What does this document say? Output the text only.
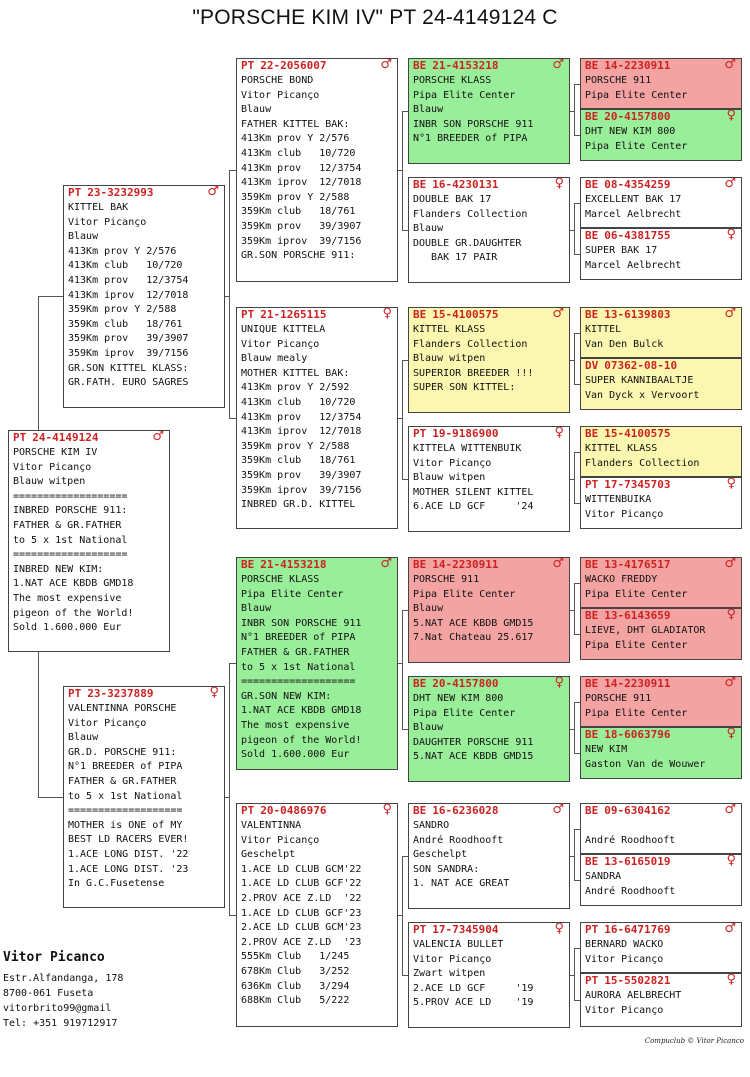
"PORSCHE KIM IV" PT 24-4149124 C
PT 24-4149124	♂
PORSCHE KIM IV
Vitor Picanço
Blauw witpen
===================
INBRED PORSCHE 911:
FATHER & GR.FATHER
to 5 x 1st National
===================
INBRED NEW KIM:
1.NAT ACE KBDB GMD18
The most expensive
pigeon of the World!
Sold 1.600.000 Eur
PT 23-3232993	♂
KITTEL BAK
Vitor Picanço
Blauw
413Km prov Y 2/576
413Km club   10/720
413Km prov   12/3754
413Km iprov  12/7018
359Km prov Y 2/588
359Km club   18/761
359Km prov   39/3907
359Km iprov  39/7156
GR.SON KITTEL KLASS:
GR.FATH. EURO SAGRES
PT 23-3237889	♀
VALENTINNA PORSCHE
Vitor Picanço
Blauw
GR.D. PORSCHE 911:
N°1 BREEDER of PIPA
FATHER & GR.FATHER
to 5 x 1st National
===================
MOTHER is ONE of MY
BEST LD RACERS EVER!
1.ACE LONG DIST. '22
1.ACE LONG DIST. '23
In G.C.Fusetense
PT 22-2056007	♂
PORSCHE BOND
Vitor Picanço
Blauw
FATHER KITTEL BAK:
413Km prov Y 2/576
413Km club   10/720
413Km prov   12/3754
413Km iprov  12/7018
359Km prov Y 2/588
359Km club   18/761
359Km prov   39/3907
359Km iprov  39/7156
GR.SON PORSCHE 911:
PT 21-1265115	♀
UNIQUE KITTELA
Vitor Picanço
Blauw mealy
MOTHER KITTEL BAK:
413Km prov Y 2/592
413Km club   10/720
413Km prov   12/3754
413Km iprov  12/7018
359Km prov Y 2/588
359Km club   18/761
359Km prov   39/3907
359Km iprov  39/7156
INBRED GR.D. KITTEL
BE 21-4153218	♂
PORSCHE KLASS
Pipa Elite Center
Blauw
INBR SON PORSCHE 911
N°1 BREEDER of PIPA
FATHER & GR.FATHER
to 5 x 1st National
===================
GR.SON NEW KIM:
1.NAT ACE KBDB GMD18
The most expensive
pigeon of the World!
Sold 1.600.000 Eur
PT 20-0486976	♀
VALENTINNA
Vitor Picanço
Geschelpt
1.ACE LD CLUB GCM'22
1.ACE LD CLUB GCF'22
2.PROV ACE Z.LD  '22
1.ACE LD CLUB GCF'23
2.ACE LD CLUB GCM'23
2.PROV ACE Z.LD  '23
555Km Club   1/245
678Km Club   3/252
636Km Club   3/294
688Km Club   5/222
BE 21-4153218	♂
PORSCHE KLASS
Pipa Elite Center
Blauw
INBR SON PORSCHE 911
N°1 BREEDER of PIPA
BE 16-4230131	♀
DOUBLE BAK 17
Flanders Collection
Blauw
DOUBLE GR.DAUGHTER
BAK 17 PAIR
BE 15-4100575	♂
KITTEL KLASS
Flanders Collection
Blauw witpen
SUPERIOR BREEDER !!!
SUPER SON KITTEL:
PT 19-9186900	♀
KITTELA WITTENBUIK
Vitor Picanço
Blauw witpen
MOTHER SILENT KITTEL
6.ACE LD GCF     '24
BE 14-2230911	♂
PORSCHE 911
Pipa Elite Center
Blauw
5.NAT ACE KBDB GMD15
7.Nat Chateau 25.617
BE 20-4157800	♀
DHT NEW KIM 800
Pipa Elite Center
Blauw
DAUGHTER PORSCHE 911
5.NAT ACE KBDB GMD15
BE 16-6236028	♂
SANDRO
André Roodhooft
Geschelpt
SON SANDRA:
1. NAT ACE GREAT
PT 17-7345904	♀
VALENCIA BULLET
Vitor Picanço
Zwart witpen
2.ACE LD GCF     '19
5.PROV ACE LD    '19
BE 14-2230911	♂
PORSCHE 911
Pipa Elite Center
BE 20-4157800	♀
DHT NEW KIM 800
Pipa Elite Center
BE 08-4354259	♂
EXCELLENT BAK 17
Marcel Aelbrecht
BE 06-4381755	♀
SUPER BAK 17
Marcel Aelbrecht
BE 13-6139803	♂
KITTEL
Van Den Bulck
DV 07362-08-10
SUPER KANNIBAALTJE
Van Dyck x Vervoort
BE 15-4100575
KITTEL KLASS
Flanders Collection
PT 17-7345703	♀
WITTENBUIKA
Vitor Picanço
BE 13-4176517	♂
WACKO FREDDY
Pipa Elite Center
BE 13-6143659	♀
LIEVE, DHT GLADIATOR
Pipa Elite Center
BE 14-2230911	♂
PORSCHE 911
Pipa Elite Center
BE 18-6063796	♀
NEW KIM
Gaston Van de Wouwer
BE 09-6304162	♂
André Roodhooft
BE 13-6165019	♀
SANDRA
André Roodhooft
PT 16-6471769	♂
BERNARD WACKO
Vitor Picanço
PT 15-5502821	♀
AURORA AELBRECHT
Vitor Picanço
Vitor Picanco
Estr.Alfandanga, 178
8700-061 Fuseta
vitorbrito99@gmail
Tel: +351 919712917
Compuclub © Vitor Picanco
